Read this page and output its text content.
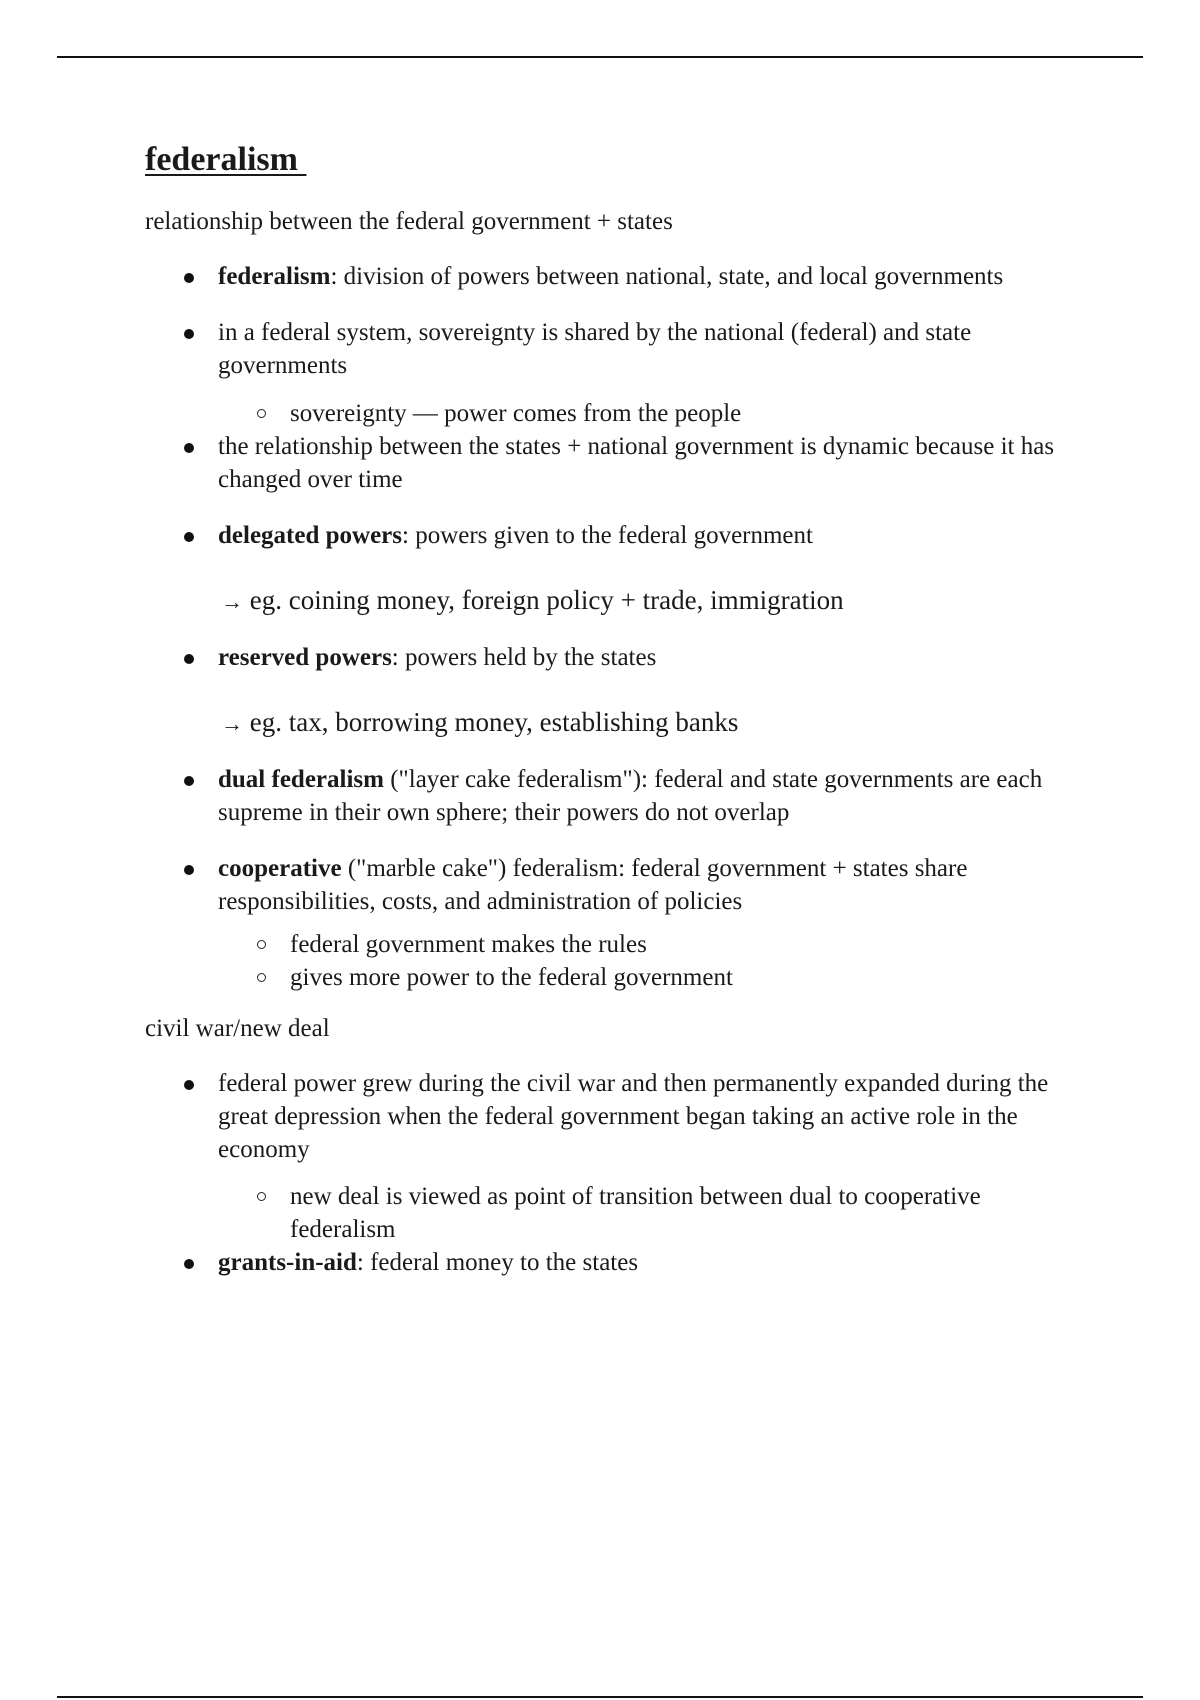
federalism
relationship between the federal government + states
federalism: division of powers between national, state, and local governments
in a federal system, sovereignty is shared by the national (federal) and state governments
sovereignty — power comes from the people
the relationship between the states + national government is dynamic because it has changed over time
delegated powers: powers given to the federal government
→ eg. coining money, foreign policy + trade, immigration
reserved powers: powers held by the states
→ eg. tax, borrowing money, establishing banks
dual federalism ("layer cake federalism"): federal and state governments are each supreme in their own sphere; their powers do not overlap
cooperative ("marble cake") federalism: federal government + states share responsibilities, costs, and administration of policies
federal government makes the rules
gives more power to the federal government
civil war/new deal
federal power grew during the civil war and then permanently expanded during the great depression when the federal government began taking an active role in the economy
new deal is viewed as point of transition between dual to cooperative federalism
grants-in-aid: federal money to the states
